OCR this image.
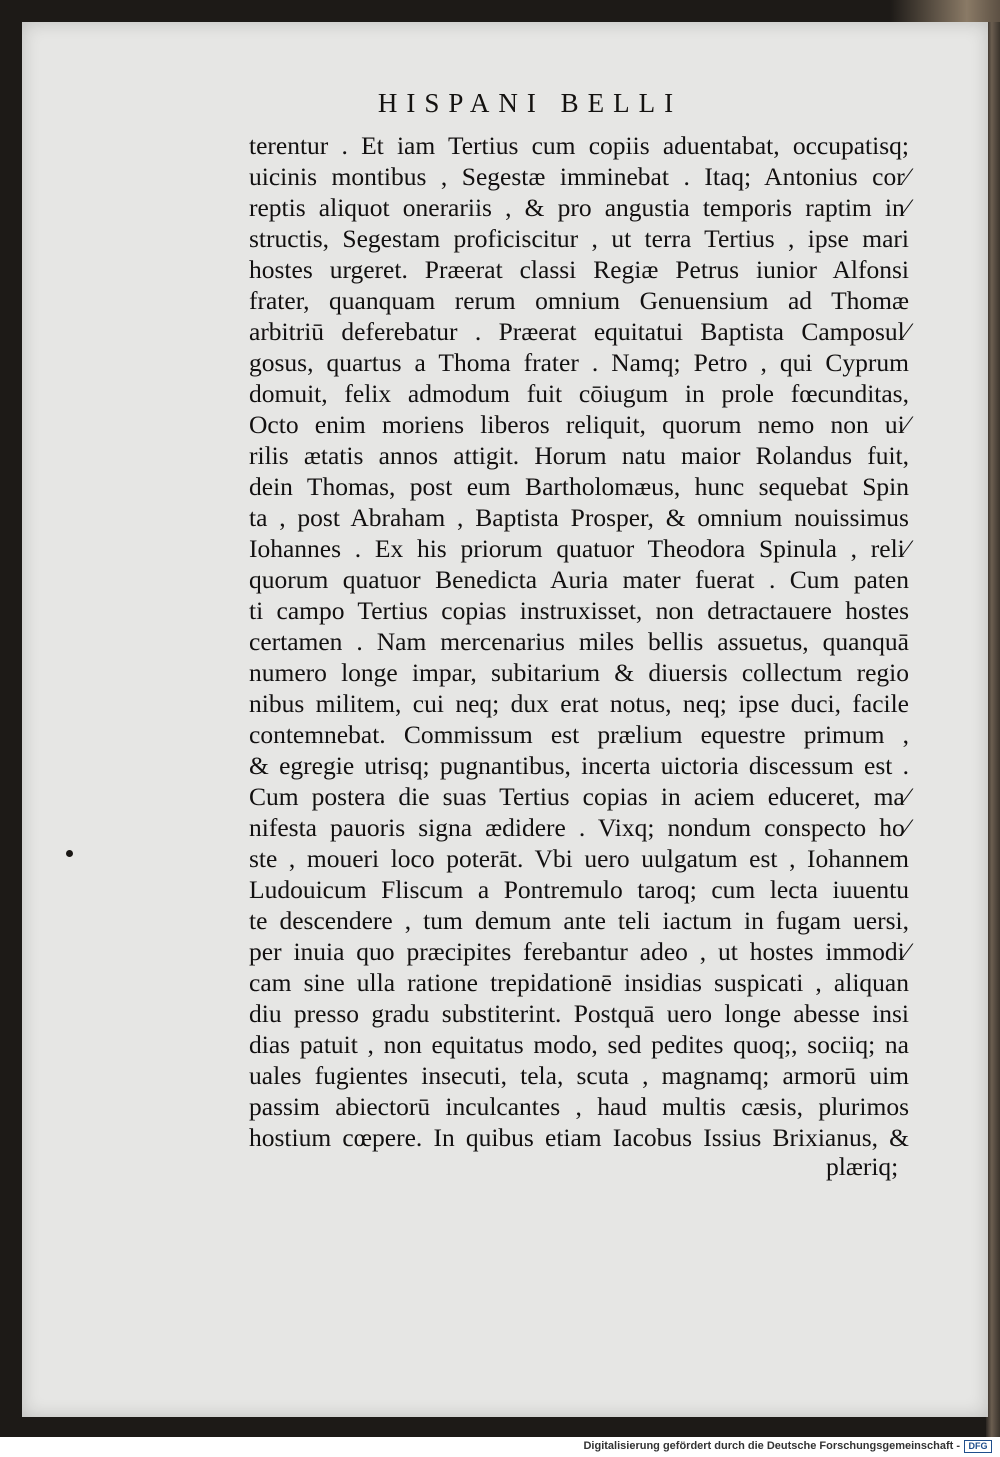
HISPANI BELLI
terentur . Et iam Tertius cum copiis aduentabat, occupatisq;
uicinis montibus , Segestæ imminebat . Itaq; Antonius cor⁄
reptis aliquot onerariis , & pro angustia temporis raptim in⁄
structis, Segestam proficiscitur , ut terra Tertius , ipse mari
hostes urgeret. Præerat classi Regiæ Petrus iunior Alfonsi
frater, quanquam rerum omnium Genuensium ad Thomæ
arbitriū deferebatur . Præerat equitatui Baptista Camposul⁄
gosus, quartus a Thoma frater . Namq; Petro , qui Cyprum
domuit, felix admodum fuit cōiugum in prole fœcunditas,
Octo enim moriens liberos reliquit, quorum nemo non ui⁄
rilis ætatis annos attigit. Horum natu maior Rolandus fuit,
dein Thomas, post eum Bartholomæus, hunc sequebat Spin
ta , post Abraham , Baptista Prosper, & omnium nouissimus
Iohannes . Ex his priorum quatuor Theodora Spinula , reli⁄
quorum quatuor Benedicta Auria mater fuerat . Cum paten
ti campo Tertius copias instruxisset, non detractauere hostes
certamen . Nam mercenarius miles bellis assuetus, quanquā
numero longe impar, subitarium & diuersis collectum regio
nibus militem, cui neq; dux erat notus, neq; ipse duci, facile
contemnebat. Commissum est prælium equestre primum ,
& egregie utrisq; pugnantibus, incerta uictoria discessum est .
Cum postera die suas Tertius copias in aciem educeret, ma⁄
nifesta pauoris signa ædidere . Vixq; nondum conspecto ho⁄
ste , moueri loco poterāt. Vbi uero uulgatum est , Iohannem
Ludouicum Fliscum a Pontremulo taroq; cum lecta iuuentu
te descendere , tum demum ante teli iactum in fugam uersi,
per inuia quo præcipites ferebantur adeo , ut hostes immodi⁄
cam sine ulla ratione trepidationē insidias suspicati , aliquan
diu presso gradu substiterint. Postquā uero longe abesse insi
dias patuit , non equitatus modo, sed pedites quoq;, sociiq; na
uales fugientes insecuti, tela, scuta , magnamq; armorū uim
passim abiectorū inculcantes , haud multis cæsis, plurimos
hostium cœpere. In quibus etiam Iacobus Issius Brixianus, &
plæriq;
Digitalisierung gefördert durch die Deutsche Forschungsgemeinschaft - DFG
